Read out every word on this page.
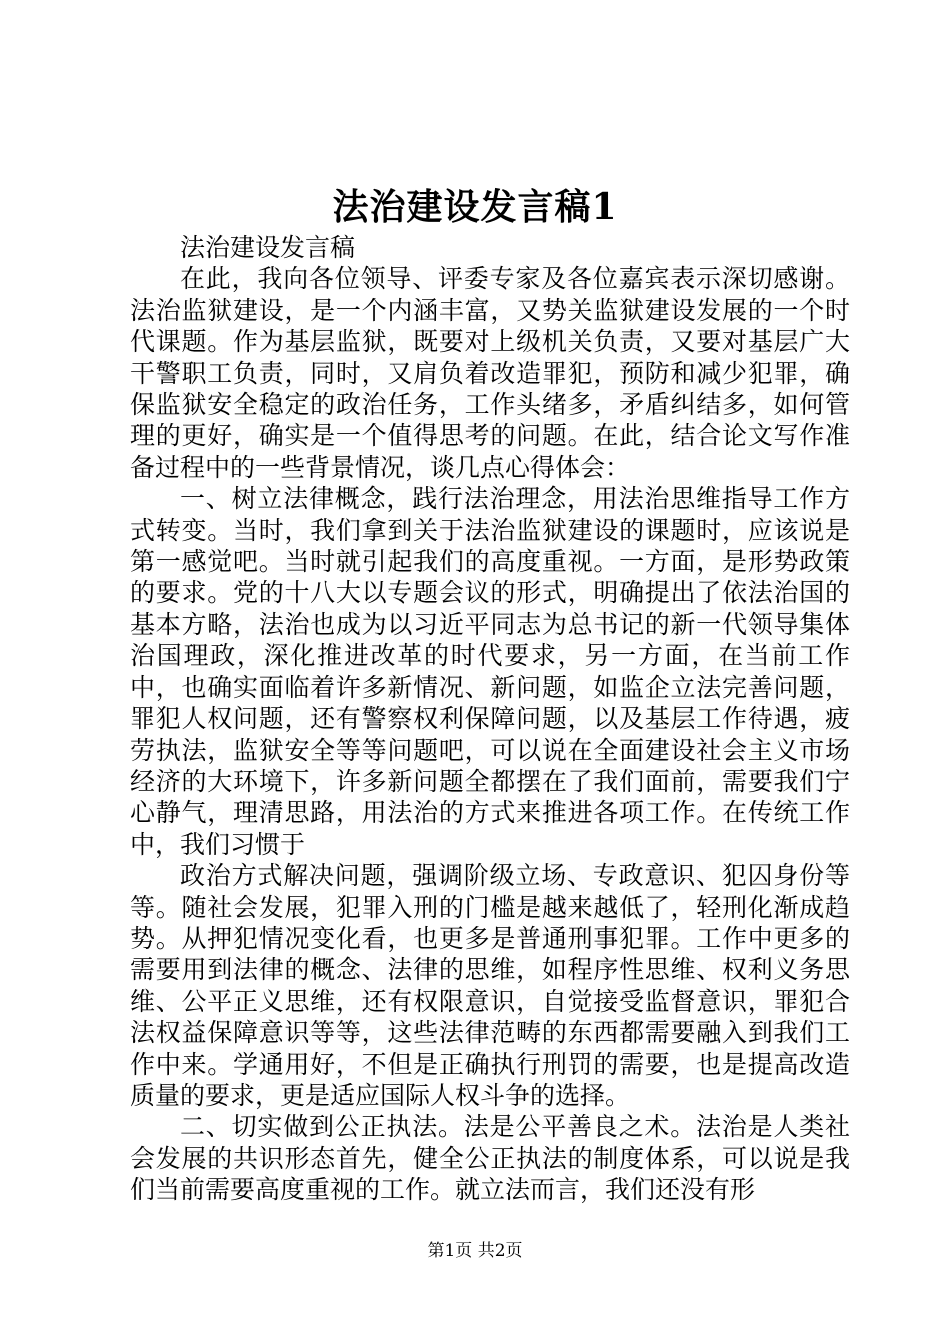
法治建设发言稿1

法治建设发言稿

在此，我向各位领导、评委专家及各位嘉宾表示深切感谢。法治监狱建设，是一个内涵丰富，又势关监狱建设发展的一个时代课题。作为基层监狱，既要对上级机关负责，又要对基层广大干警职工负责，同时，又肩负着改造罪犯，预防和减少犯罪，确保监狱安全稳定的政治任务，工作头绪多，矛盾纠结多，如何管理的更好，确实是一个值得思考的问题。在此，结合论文写作准备过程中的一些背景情况，谈几点心得体会：

一、树立法律概念，践行法治理念，用法治思维指导工作方式转变。当时，我们拿到关于法治监狱建设的课题时，应该说是第一感觉吧。当时就引起我们的高度重视。一方面，是形势政策的要求。党的十八大以专题会议的形式，明确提出了依法治国的基本方略，法治也成为以习近平同志为总书记的新一代领导集体治国理政，深化推进改革的时代要求，另一方面，在当前工作中，也确实面临着许多新情况、新问题，如监企立法完善问题，罪犯人权问题，还有警察权利保障问题，以及基层工作待遇，疲劳执法，监狱安全等等问题吧，可以说在全面建设社会主义市场经济的大环境下，许多新问题全都摆在了我们面前，需要我们宁心静气，理清思路，用法治的方式来推进各项工作。在传统工作中，我们习惯于

政治方式解决问题，强调阶级立场、专政意识、犯囚身份等等。随社会发展，犯罪入刑的门槛是越来越低了，轻刑化渐成趋势。从押犯情况变化看，也更多是普通刑事犯罪。工作中更多的需要用到法律的概念、法律的思维，如程序性思维、权利义务思维、公平正义思维，还有权限意识，自觉接受监督意识，罪犯合法权益保障意识等等，这些法律范畴的东西都需要融入到我们工作中来。学通用好，不但是正确执行刑罚的需要，也是提高改造质量的要求，更是适应国际人权斗争的选择。

二、切实做到公正执法。法是公平善良之术。法治是人类社会发展的共识形态首先，健全公正执法的制度体系，可以说是我们当前需要高度重视的工作。就立法而言，我们还没有形

第1页 共2页
